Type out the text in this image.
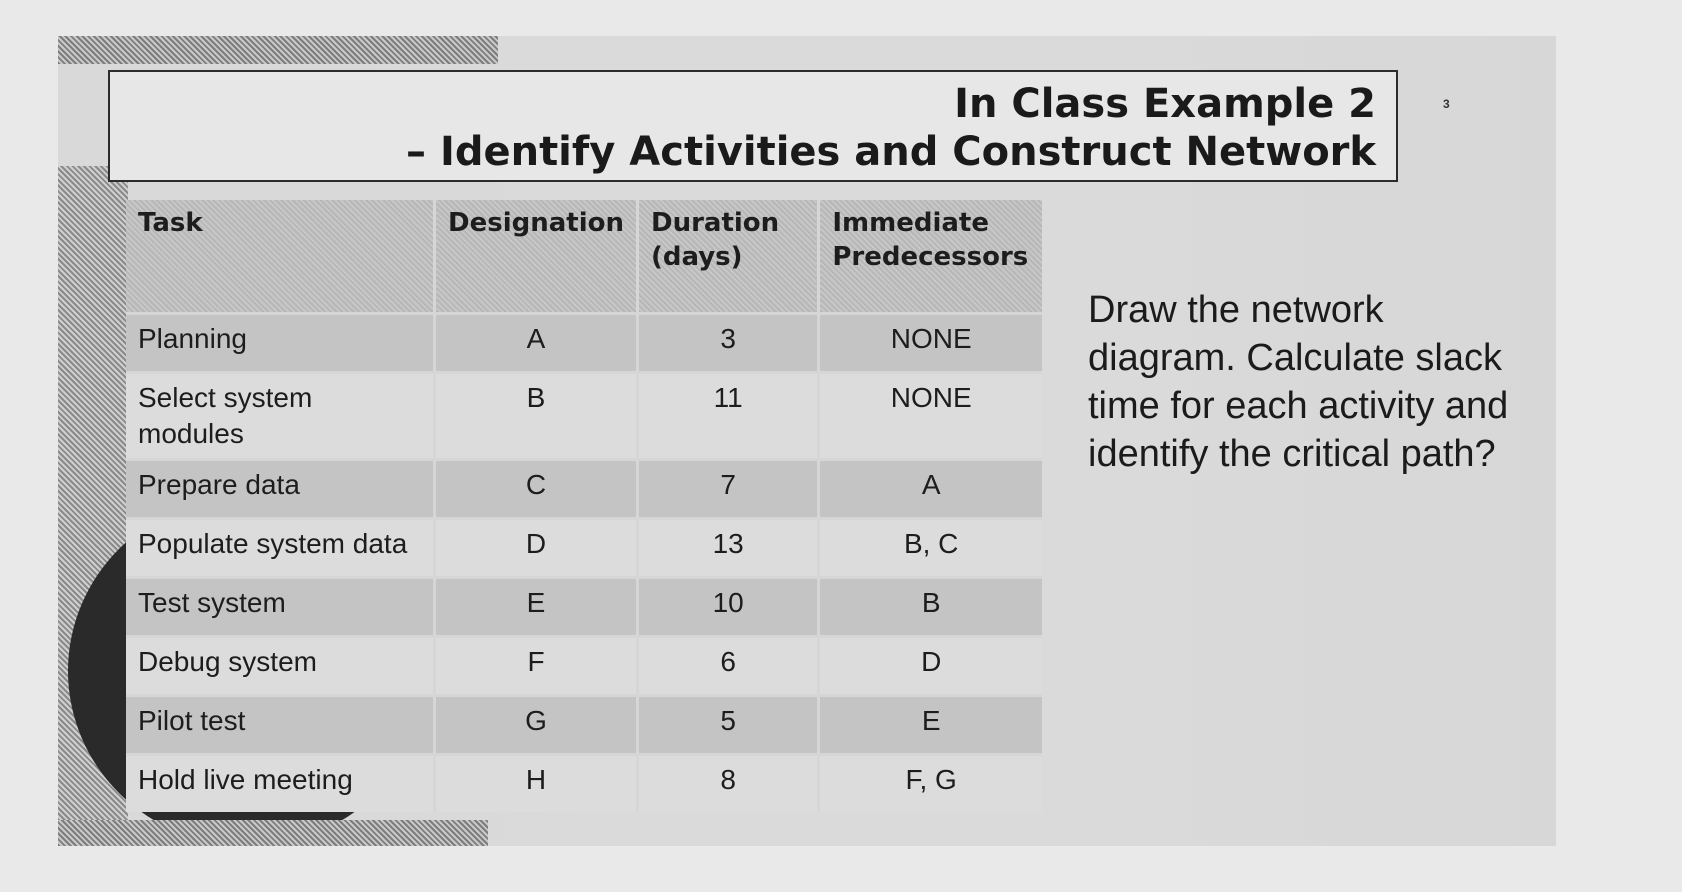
In Class Example 2
– Identify Activities and Construct Network
3
Task	Designation	Duration (days)	Immediate Predecessors
Planning	A	3	NONE
Select system modules	B	11	NONE
Prepare data	C	7	A
Populate system data	D	13	B, C
Test system	E	10	B
Debug system	F	6	D
Pilot test	G	5	E
Hold live meeting	H	8	F, G
Draw the network diagram. Calculate slack time for each activity and identify the critical path?
